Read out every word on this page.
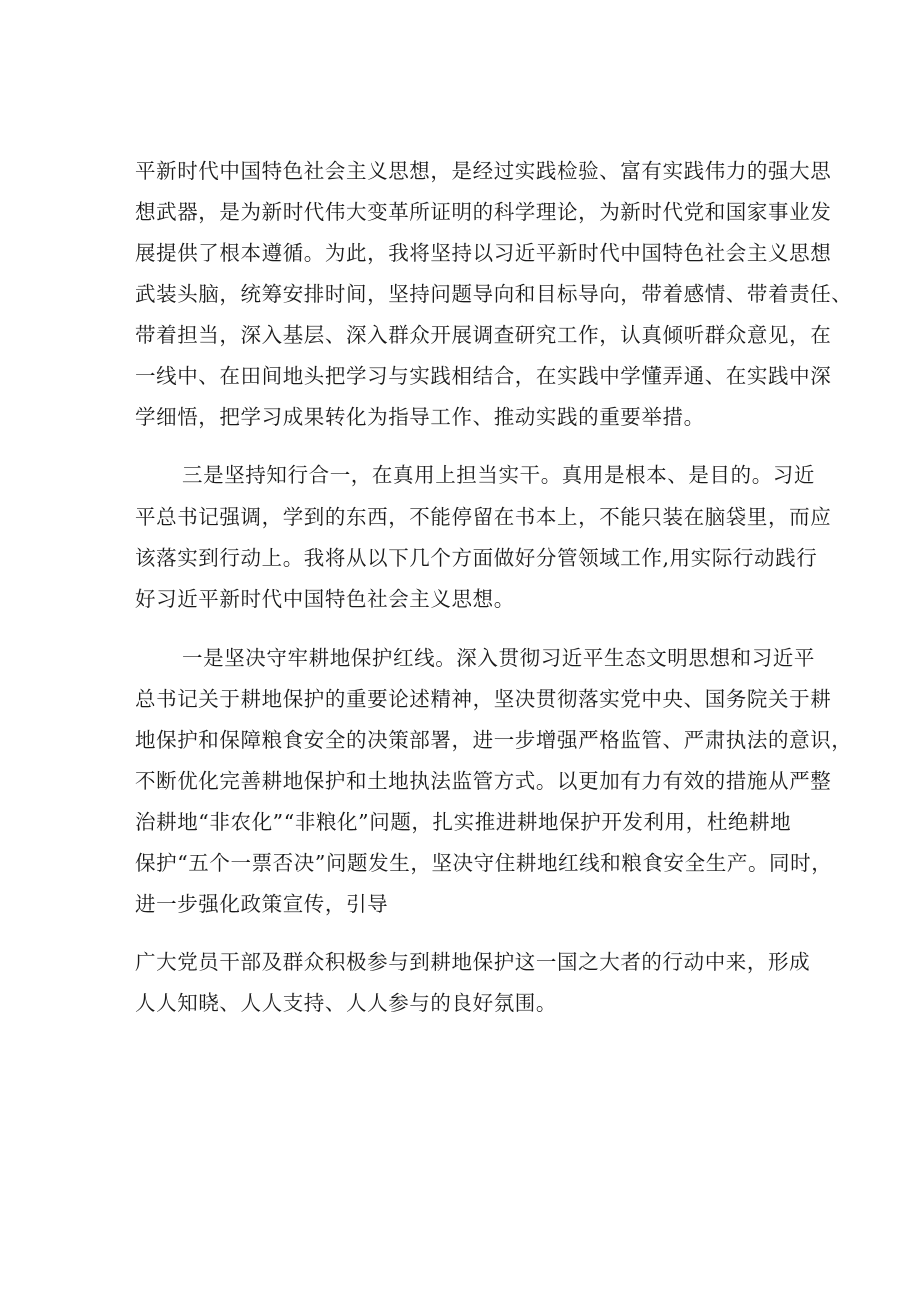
平新时代中国特色社会主义思想，是经过实践检验、富有实践伟力的强大思
想武器，是为新时代伟大变革所证明的科学理论，为新时代党和国家事业发
展提供了根本遵循。为此，我将坚持以习近平新时代中国特色社会主义思想
武装头脑，统筹安排时间，坚持问题导向和目标导向，带着感情、带着责任、
带着担当，深入基层、深入群众开展调查研究工作，认真倾听群众意见，在
一线中、在田间地头把学习与实践相结合，在实践中学懂弄通、在实践中深
学细悟，把学习成果转化为指导工作、推动实践的重要举措。
三是坚持知行合一，在真用上担当实干。真用是根本、是目的。习近
平总书记强调，学到的东西，不能停留在书本上，不能只装在脑袋里，而应
该落实到行动上。我将从以下几个方面做好分管领域工作,用实际行动践行
好习近平新时代中国特色社会主义思想。
一是坚决守牢耕地保护红线。深入贯彻习近平生态文明思想和习近平
总书记关于耕地保护的重要论述精神，坚决贯彻落实党中央、国务院关于耕
地保护和保障粮食安全的决策部署，进一步增强严格监管、严肃执法的意识，
不断优化完善耕地保护和土地执法监管方式。以更加有力有效的措施从严整
治耕地“非农化”“非粮化”问题，扎实推进耕地保护开发利用，杜绝耕地
保护“五个一票否决”问题发生，坚决守住耕地红线和粮食安全生产。同时，
进一步强化政策宣传，引导
广大党员干部及群众积极参与到耕地保护这一国之大者的行动中来，形成
人人知晓、人人支持、人人参与的良好氛围。
